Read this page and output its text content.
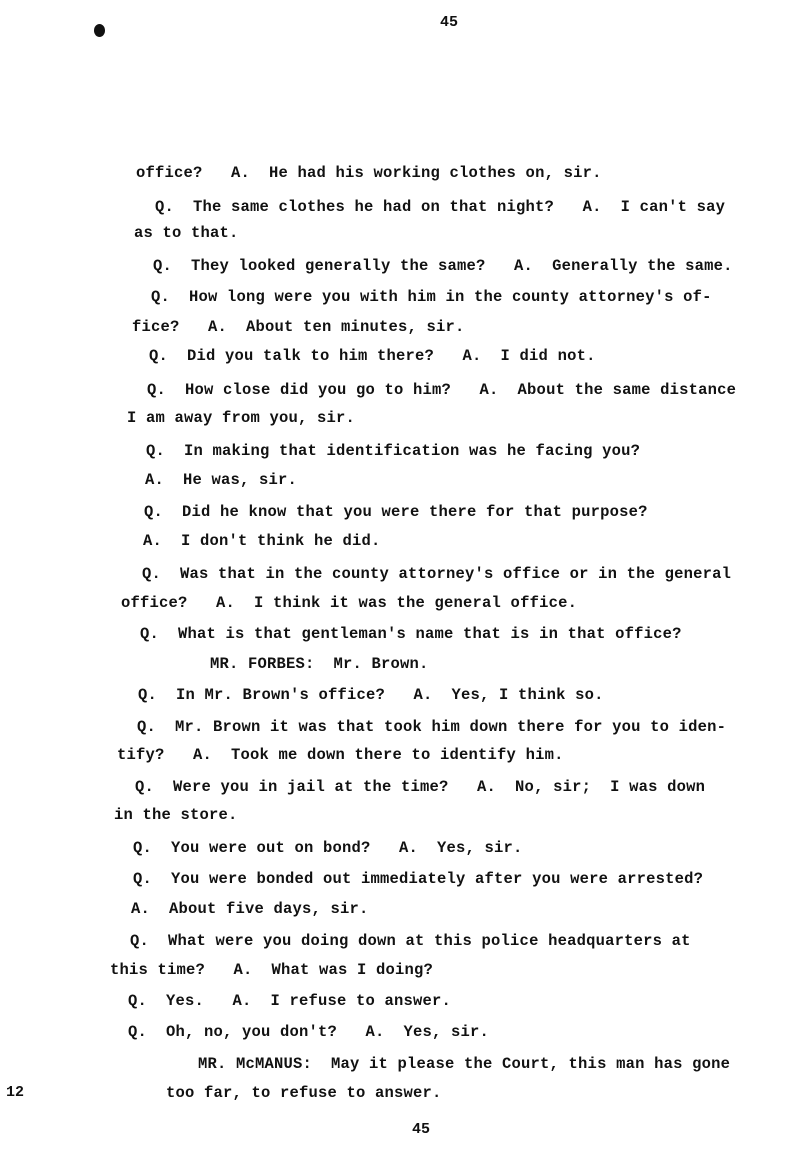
45
office?   A.  He had his working clothes on, sir.
Q.  The same clothes he had on that night?   A.  I can't say
as to that.
Q.  They looked generally the same?   A.  Generally the same.
Q.  How long were you with him in the county attorney's of-
fice?   A.  About ten minutes, sir.
Q.  Did you talk to him there?   A.  I did not.
Q.  How close did you go to him?   A.  About the same distance
I am away from you, sir.
Q.  In making that identification was he facing you?
A.  He was, sir.
Q.  Did he know that you were there for that purpose?
A.  I don't think he did.
Q.  Was that in the county attorney's office or in the general
office?   A.  I think it was the general office.
Q.  What is that gentleman's name that is in that office?
MR. FORBES:  Mr. Brown.
Q.  In Mr. Brown's office?   A.  Yes, I think so.
Q.  Mr. Brown it was that took him down there for you to iden-
tify?   A.  Took me down there to identify him.
Q.  Were you in jail at the time?   A.  No, sir;  I was down
in the store.
Q.  You were out on bond?   A.  Yes, sir.
Q.  You were bonded out immediately after you were arrested?
A.  About five days, sir.
Q.  What were you doing down at this police headquarters at
this time?   A.  What was I doing?
Q.  Yes.   A.  I refuse to answer.
Q.  Oh, no, you don't?   A.  Yes, sir.
MR. McMANUS:  May it please the Court, this man has gone
too far, to refuse to answer.
12
45
